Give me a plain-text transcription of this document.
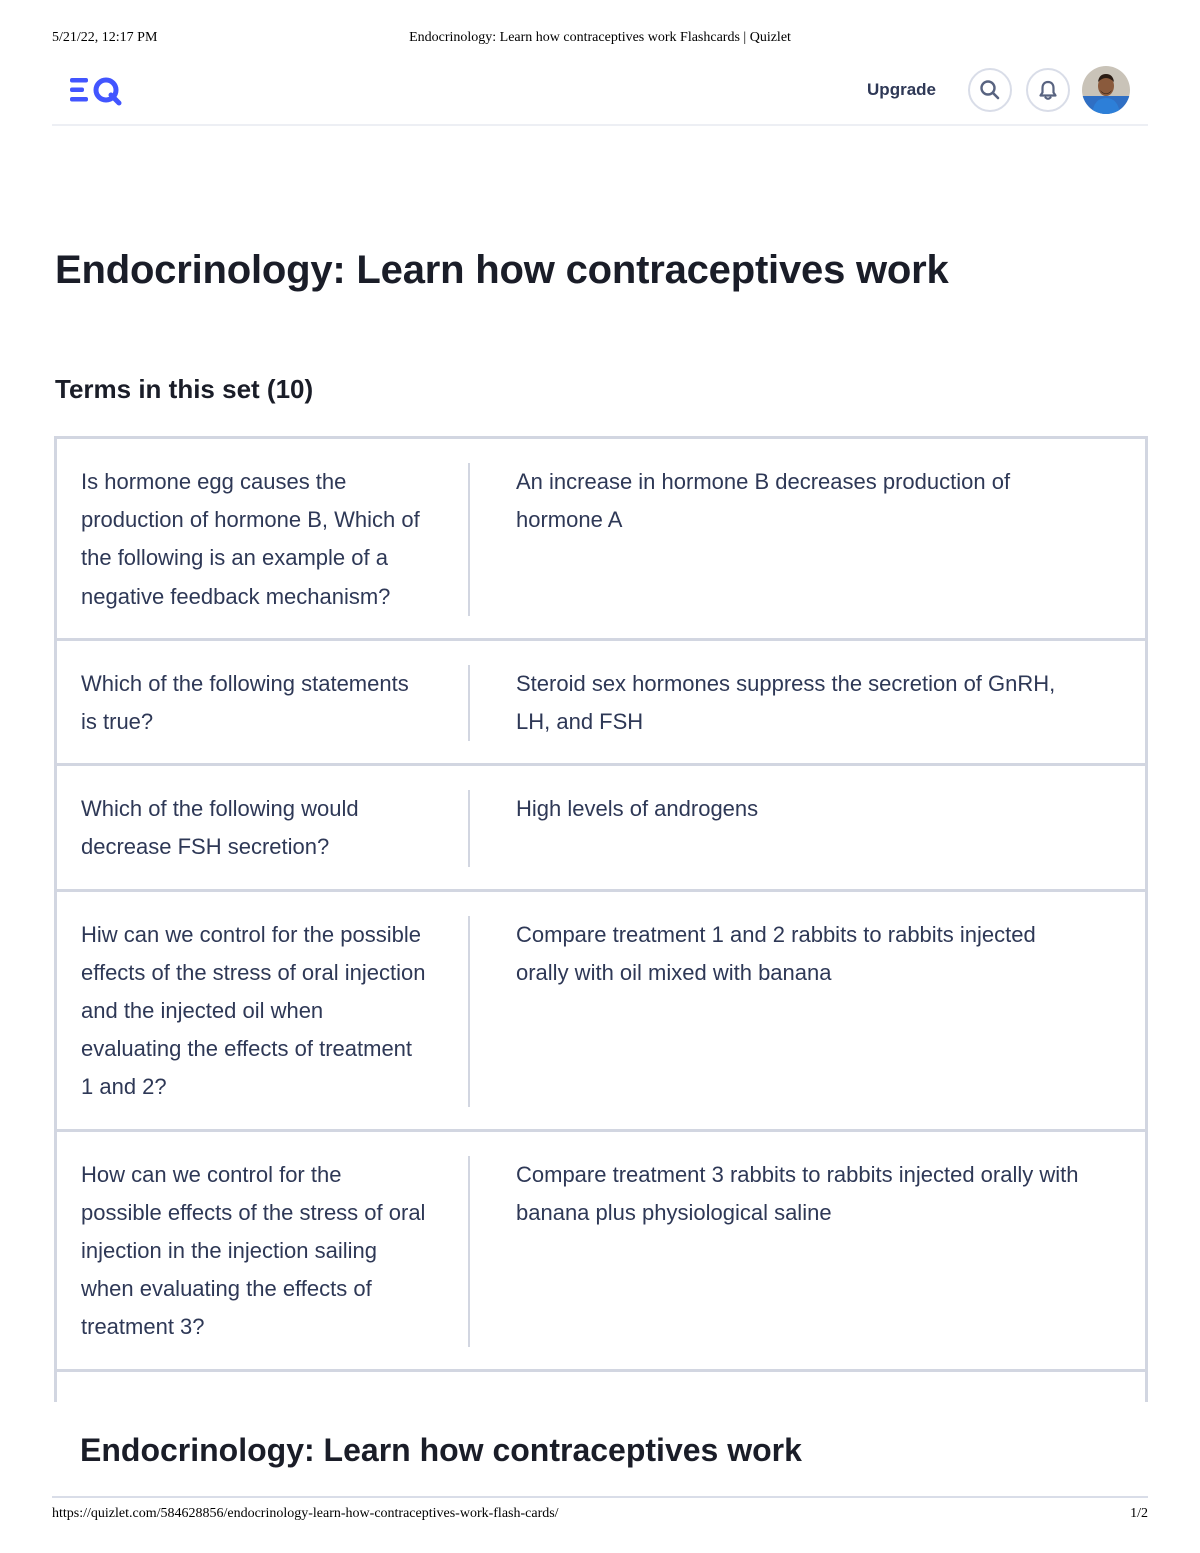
5/21/22, 12:17 PM	Endocrinology: Learn how contraceptives work Flashcards | Quizlet
Upgrade
Endocrinology: Learn how contraceptives work
Terms in this set (10)
Is hormone egg causes the production of hormone B, Which of the following is an example of a negative feedback mechanism?
An increase in hormone B decreases production of hormone A
Which of the following statements is true?
Steroid sex hormones suppress the secretion of GnRH, LH, and FSH
Which of the following would decrease FSH secretion?
High levels of androgens
Hiw can we control for the possible effects of the stress of oral injection and the injected oil when evaluating the effects of treatment 1 and 2?
Compare treatment 1 and 2 rabbits to rabbits injected orally with oil mixed with banana
How can we control for the possible effects of the stress of oral injection in the injection sailing when evaluating the effects of treatment 3?
Compare treatment 3 rabbits to rabbits injected orally with banana plus physiological saline
Endocrinology: Learn how contraceptives work
https://quizlet.com/584628856/endocrinology-learn-how-contraceptives-work-flash-cards/	1/2
